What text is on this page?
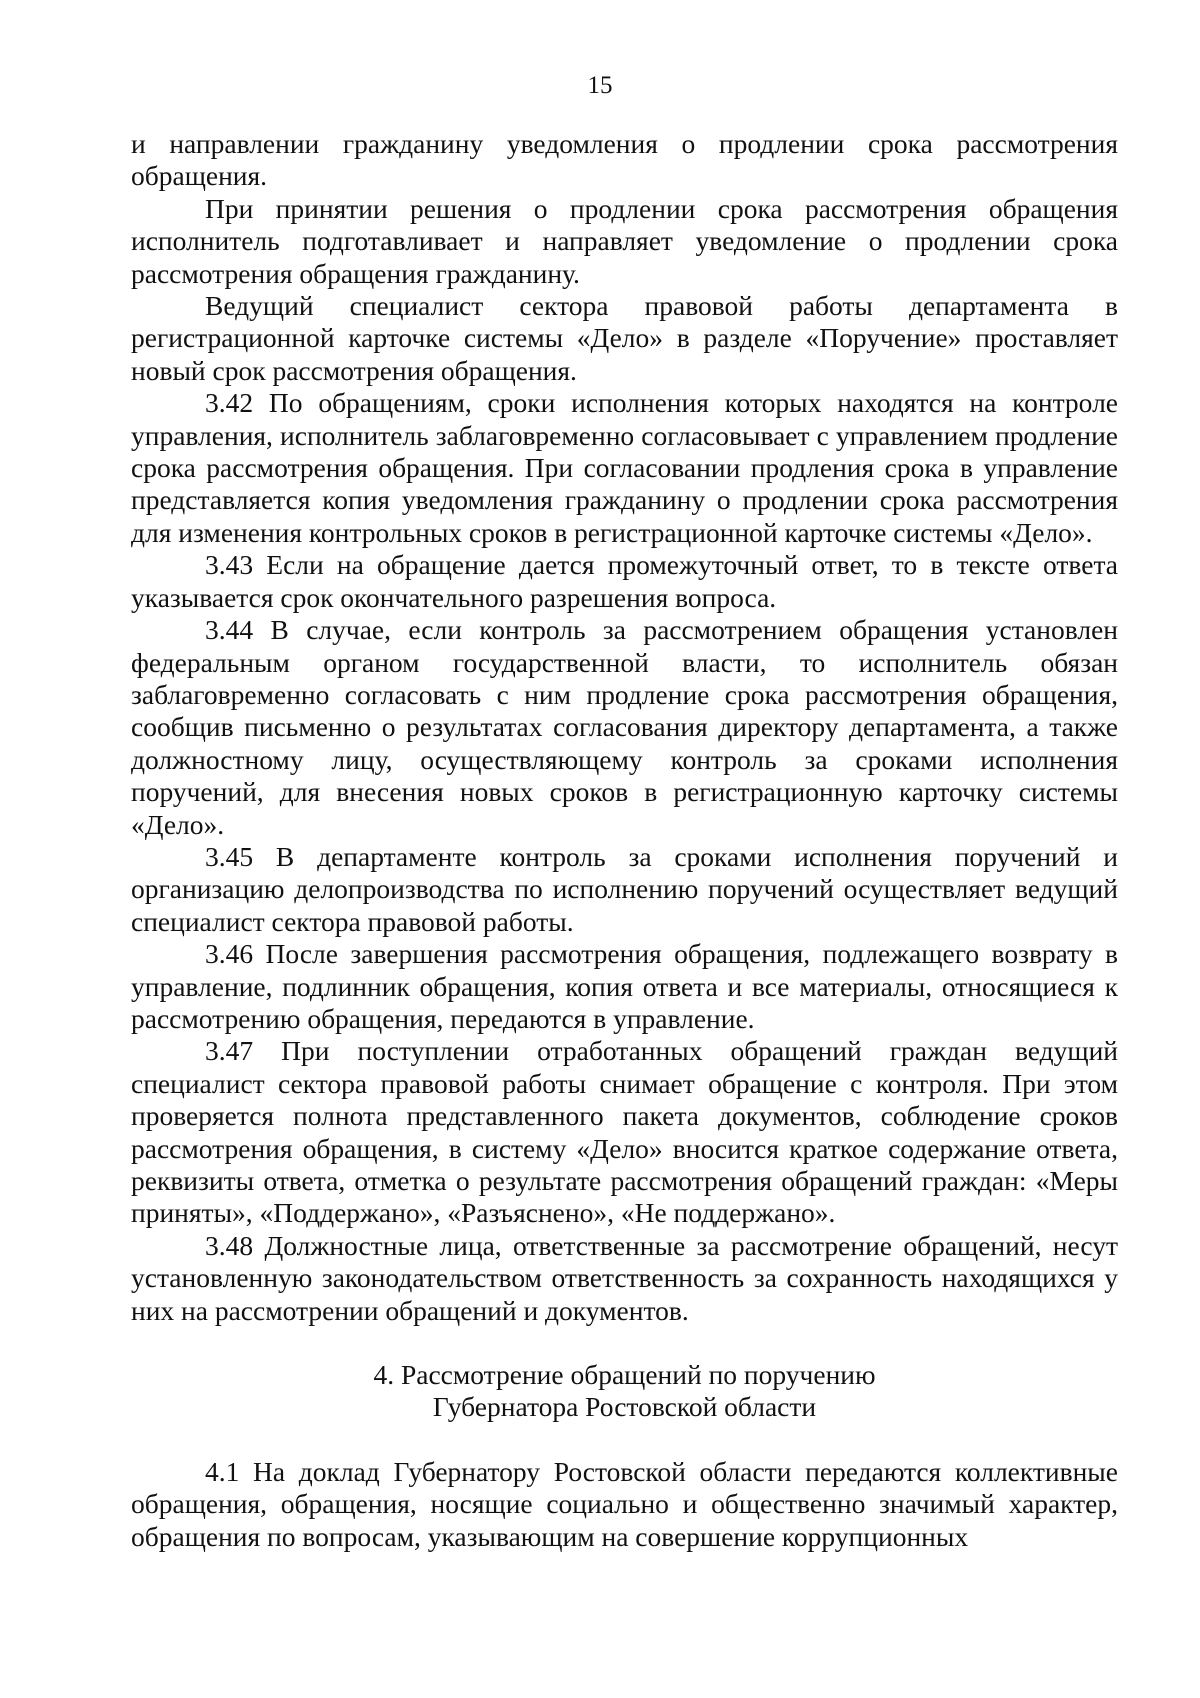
15

и направлении гражданину уведомления о продлении срока рассмотрения обращения.

При принятии решения о продлении срока рассмотрения обращения исполнитель подготавливает и направляет уведомление о продлении срока рассмотрения обращения гражданину.

Ведущий специалист сектора правовой работы департамента в регистрационной карточке системы «Дело» в разделе «Поручение» проставляет новый срок рассмотрения обращения.

3.42 По обращениям, сроки исполнения которых находятся на контроле управления, исполнитель заблаговременно согласовывает с управлением продление срока рассмотрения обращения. При согласовании продления срока в управление представляется копия уведомления гражданину о продлении срока рассмотрения для изменения контрольных сроков в регистрационной карточке системы «Дело».

3.43 Если на обращение дается промежуточный ответ, то в тексте ответа указывается срок окончательного разрешения вопроса.

3.44 В случае, если контроль за рассмотрением обращения установлен федеральным органом государственной власти, то исполнитель обязан заблаговременно согласовать с ним продление срока рассмотрения обращения, сообщив письменно о результатах согласования директору департамента, а также должностному лицу, осуществляющему контроль за сроками исполнения поручений, для внесения новых сроков в регистрационную карточку системы «Дело».

3.45 В департаменте контроль за сроками исполнения поручений и организацию делопроизводства по исполнению поручений осуществляет ведущий специалист сектора правовой работы.

3.46 После завершения рассмотрения обращения, подлежащего возврату в управление, подлинник обращения, копия ответа и все материалы, относящиеся к рассмотрению обращения, передаются в управление.

3.47 При поступлении отработанных обращений граждан ведущий специалист сектора правовой работы снимает обращение с контроля. При этом проверяется полнота представленного пакета документов, соблюдение сроков рассмотрения обращения, в систему «Дело» вносится краткое содержание ответа, реквизиты ответа, отметка о результате рассмотрения обращений граждан: «Меры приняты», «Поддержано», «Разъяснено», «Не поддержано».

3.48 Должностные лица, ответственные за рассмотрение обращений, несут установленную законодательством ответственность за сохранность находящихся у них на рассмотрении обращений и документов.

4. Рассмотрение обращений по поручению
Губернатора Ростовской области

4.1 На доклад Губернатору Ростовской области передаются коллективные обращения, обращения, носящие социально и общественно значимый характер, обращения по вопросам, указывающим на совершение коррупционных
